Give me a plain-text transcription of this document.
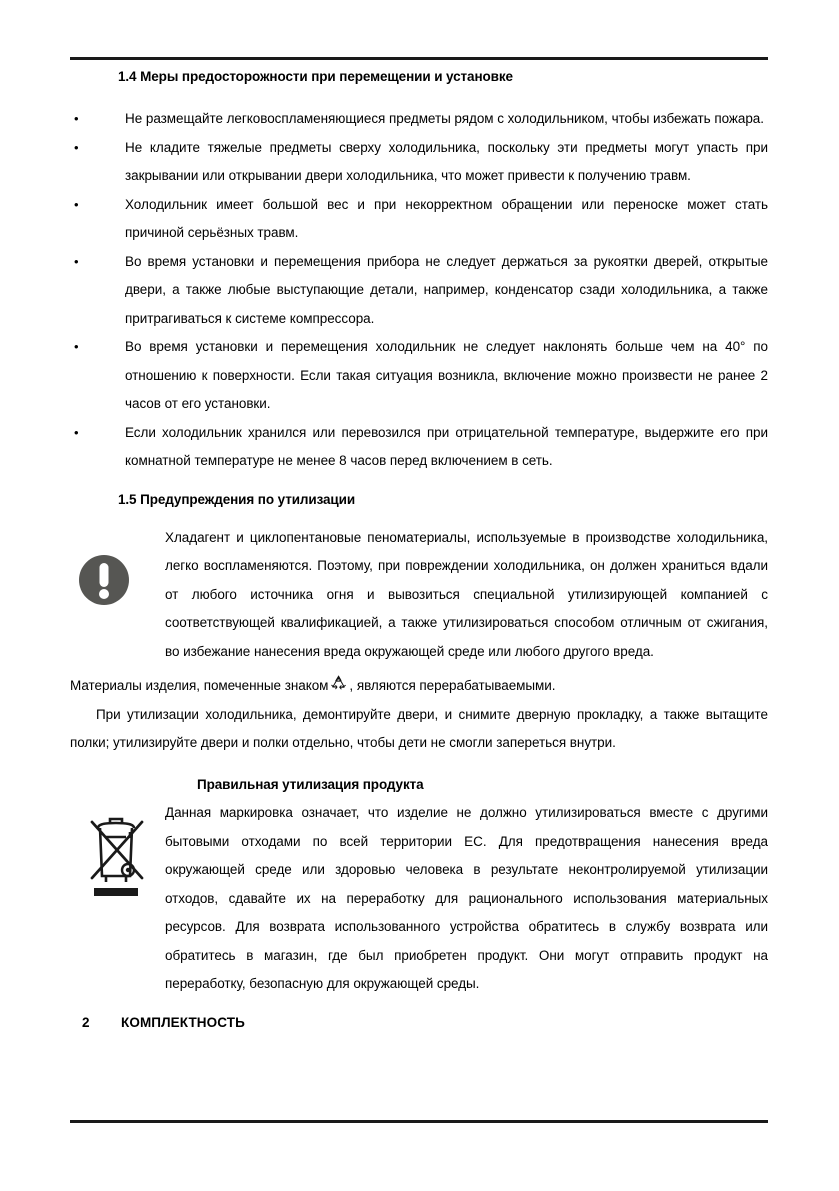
1.4 Меры предосторожности при перемещении и установке
• Не размещайте легковоспламеняющиеся предметы рядом с холодильником, чтобы избежать пожара.
• Не кладите тяжелые предметы сверху холодильника, поскольку эти предметы могут упасть при закрывании или открывании двери холодильника, что может привести к получению травм.
• Холодильник имеет большой вес и при некорректном обращении или переноске может стать причиной серьёзных травм.
• Во время установки и перемещения прибора не следует держаться за рукоятки дверей, открытые двери, а также любые выступающие детали, например, конденсатор сзади холодильника, а также притрагиваться к системе компрессора.
• Во время установки и перемещения холодильник не следует наклонять больше чем на 40° по отношению к поверхности. Если такая ситуация возникла, включение можно произвести не ранее 2 часов от его установки.
• Если холодильник хранился или перевозился при отрицательной температуре, выдержите его при комнатной температуре не менее 8 часов перед включением в сеть.
1.5 Предупреждения по утилизации

Хладагент и циклопентановые пеноматериалы, используемые в производстве холодильника, легко воспламеняются. Поэтому, при повреждении холодильника, он должен храниться вдали от любого источника огня и вывозиться специальной утилизирующей компанией с соответствующей квалификацией, а также утилизироваться способом отличным от сжигания, во избежание нанесения вреда окружающей среде или любого другого вреда.

Материалы изделия, помеченные знаком , являются перерабатываемыми.

При утилизации холодильника, демонтируйте двери, и снимите дверную прокладку, а также вытащите полки; утилизируйте двери и полки отдельно, чтобы дети не смогли запереться внутри.

Правильная утилизация продукта

Данная маркировка означает, что изделие не должно утилизироваться вместе с другими бытовыми отходами по всей территории ЕС. Для предотвращения нанесения вреда окружающей среде или здоровью человека в результате неконтролируемой утилизации отходов, сдавайте их на переработку для рационального использования материальных ресурсов. Для возврата использованного устройства обратитесь в службу возврата или обратитесь в магазин, где был приобретен продукт. Они могут отправить продукт на переработку, безопасную для окружающей среды.

2 КОМПЛЕКТНОСТЬ
